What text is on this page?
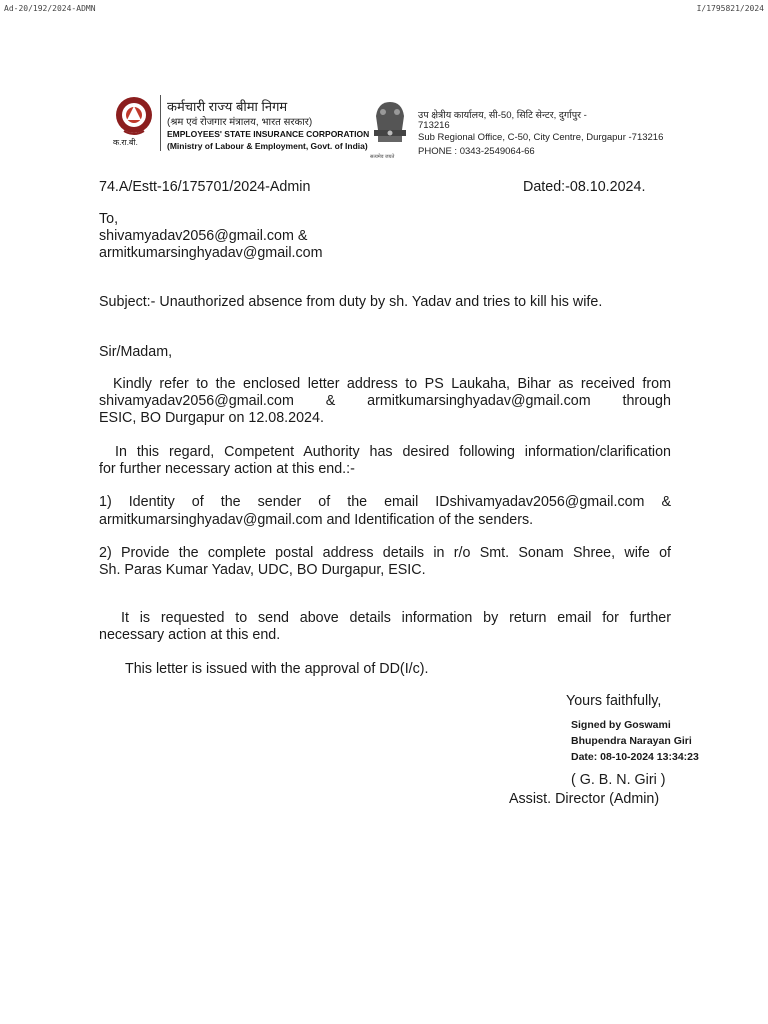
Ad-20/192/2024-ADMN	I/1795821/2024
क.रा.बी.
कर्मचारी राज्य बीमा निगम
(श्रम एवं रोजगार मंत्रालय, भारत सरकार)
EMPLOYEES' STATE INSURANCE CORPORATION
(Ministry of Labour & Employment, Govt. of India)
सत्यमेव जयते
उप क्षेत्रीय कार्यालय, सी-50, सिटि सेन्टर, दुर्गापुर -
713216
Sub Regional Office, C-50, City Centre, Durgapur -713216
PHONE : 0343-2549064-66
74.A/Estt-16/175701/2024-Admin	Dated:-08.10.2024.
To,
shivamyadav2056@gmail.com &
armitkumarsinghyadav@gmail.com
Subject:- Unauthorized absence from duty by sh. Yadav and tries to kill his wife.
Sir/Madam,
Kindly refer to the enclosed letter address to PS Laukaha, Bihar as received from
shivamyadav2056@gmail.com & armitkumarsinghyadav@gmail.com through
ESIC, BO Durgapur on 12.08.2024.
In this regard, Competent Authority has desired following information/clarification
for further necessary action at this end.:-
1) Identity of the sender of the email IDshivamyadav2056@gmail.com &
armitkumarsinghyadav@gmail.com and Identification of the senders.
2) Provide the complete postal address details in r/o Smt. Sonam Shree, wife of
Sh. Paras Kumar Yadav, UDC, BO Durgapur, ESIC.
It is requested to send above details information by return email for further
necessary action at this end.
This letter is issued with the approval of DD(I/c).
Yours faithfully,
Signed by Goswami
Bhupendra Narayan Giri
Date: 08-10-2024 13:34:23
( G. B. N. Giri )
Assist. Director (Admin)
